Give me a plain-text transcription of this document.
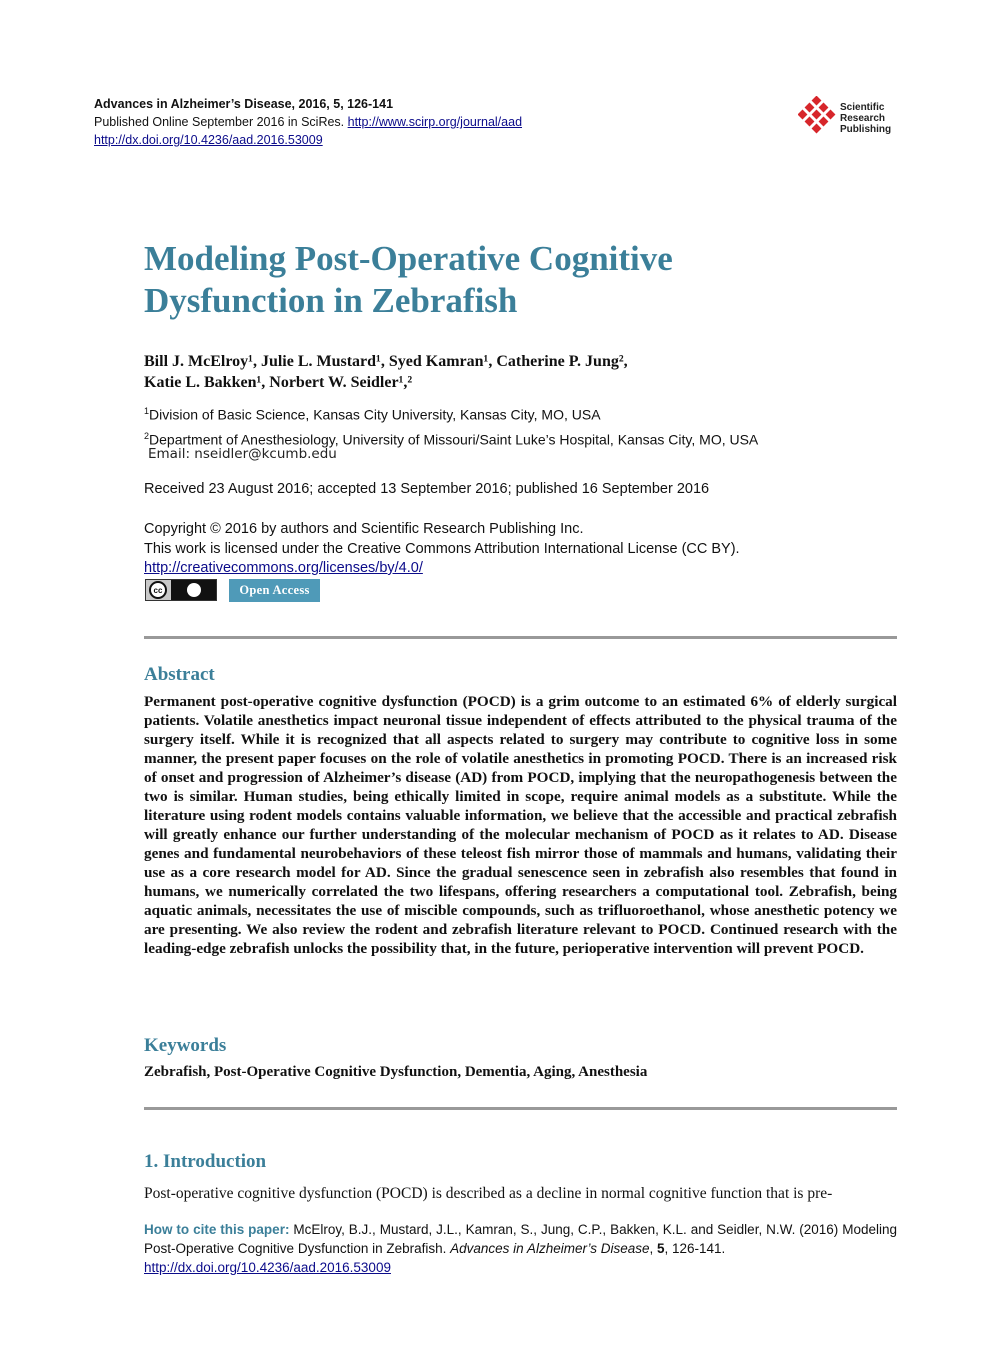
Advances in Alzheimer’s Disease, 2016, 5, 126-141
Published Online September 2016 in SciRes. http://www.scirp.org/journal/aad
http://dx.doi.org/10.4236/aad.2016.53009
Scientific
Research
Publishing
Modeling Post-Operative Cognitive
Dysfunction in Zebrafish
Bill J. McElroy¹, Julie L. Mustard¹, Syed Kamran¹, Catherine P. Jung²,
Katie L. Bakken¹, Norbert W. Seidler¹,²
$^1$Division of Basic Science, Kansas City University, Kansas City, MO, USA
$^2$Department of Anesthesiology, University of Missouri/Saint Luke’s Hospital, Kansas City, MO, USA
Email: nseidler@kcumb.edu
Received 23 August 2016; accepted 13 September 2016; published 16 September 2016
Copyright © 2016 by authors and Scientific Research Publishing Inc.
This work is licensed under the Creative Commons Attribution International License (CC BY).
http://creativecommons.org/licenses/by/4.0/
cc	Open Access
Abstract

Permanent post-operative cognitive dysfunction (POCD) is a grim outcome to an estimated 6% of elderly surgical patients. Volatile anesthetics impact neuronal tissue independent of effects attributed to the physical trauma of the surgery itself. While it is recognized that all aspects related to surgery may contribute to cognitive loss in some manner, the present paper focuses on the role of volatile anesthetics in promoting POCD. There is an increased risk of onset and progression of Alzheimer’s disease (AD) from POCD, implying that the neuropathogenesis between the two is similar. Human studies, being ethically limited in scope, require animal models as a substitute. While the literature using rodent models contains valuable information, we believe that the accessible and practical zebrafish will greatly enhance our further understanding of the molecular mechanism of POCD as it relates to AD. Disease genes and fundamental neurobehaviors of these teleost fish mirror those of mammals and humans, validating their use as a core research model for AD. Since the gradual senescence seen in zebrafish also resembles that found in humans, we numerically correlated the two lifespans, offering researchers a computational tool. Zebrafish, being aquatic animals, necessitates the use of miscible compounds, such as trifluoroethanol, whose anesthetic potency we are presenting. We also review the rodent and zebrafish literature relevant to POCD. Continued research with the leading-edge zebrafish unlocks the possibility that, in the future, perioperative intervention will prevent POCD.

Keywords
Zebrafish, Post-Operative Cognitive Dysfunction, Dementia, Aging, Anesthesia
1. Introduction
Post-operative cognitive dysfunction (POCD) is described as a decline in normal cognitive function that is pre-
How to cite this paper: McElroy, B.J., Mustard, J.L., Kamran, S., Jung, C.P., Bakken, K.L. and Seidler, N.W. (2016) Modeling Post-Operative Cognitive Dysfunction in Zebrafish. Advances in Alzheimer’s Disease, 5, 126-141.
http://dx.doi.org/10.4236/aad.2016.53009
